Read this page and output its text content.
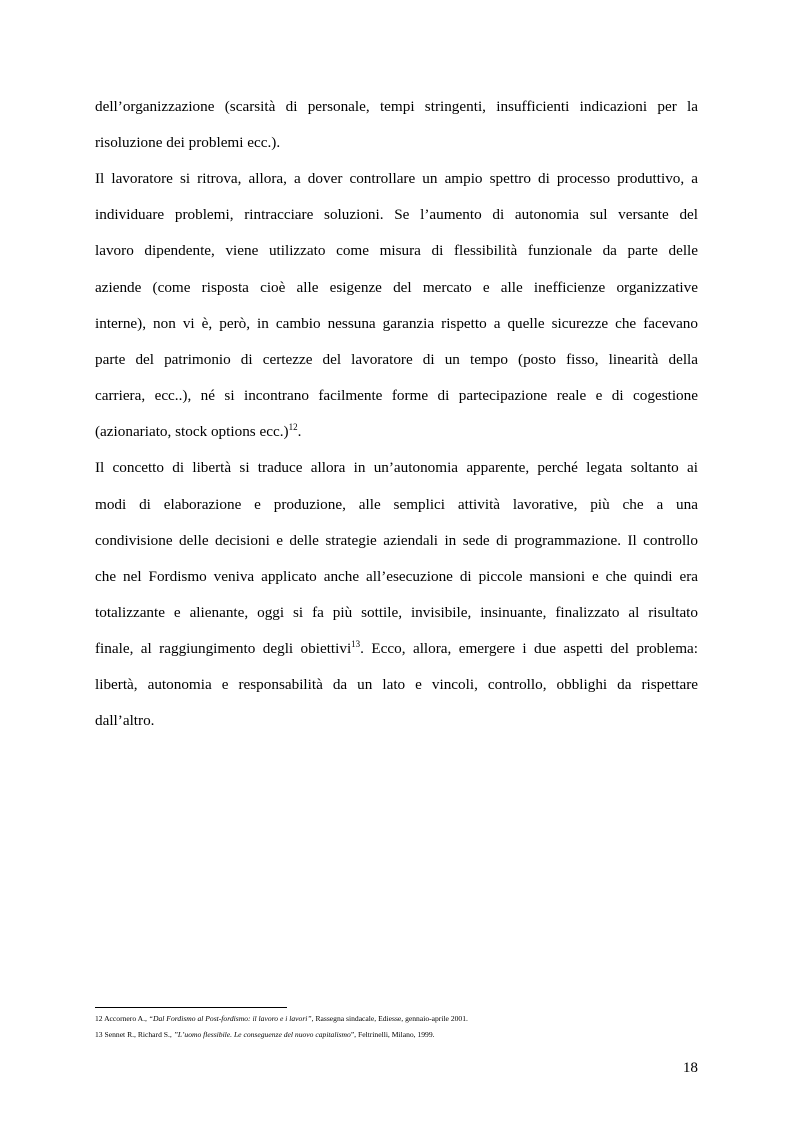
dell’organizzazione (scarsità di personale, tempi stringenti, insufficienti indicazioni per la
risoluzione dei problemi ecc.).
Il lavoratore si ritrova, allora, a dover controllare un ampio spettro di processo produttivo, a
individuare problemi, rintracciare soluzioni. Se l’aumento di autonomia sul versante del
lavoro dipendente, viene utilizzato come misura di flessibilità funzionale da parte delle
aziende (come risposta cioè alle esigenze del mercato e alle inefficienze organizzative
interne), non vi è, però, in cambio nessuna garanzia rispetto a quelle sicurezze che facevano
parte del patrimonio di certezze del lavoratore di un tempo (posto fisso, linearità della
carriera, ecc..), né si incontrano facilmente forme di partecipazione reale e di cogestione
(azionariato, stock options ecc.)$^{12}$.
Il concetto di libertà si traduce allora in un’autonomia apparente, perché legata soltanto ai
modi di elaborazione e produzione, alle semplici attività lavorative, più che a una
condivisione delle decisioni e delle strategie aziendali in sede di programmazione. Il controllo
che nel Fordismo veniva applicato anche all’esecuzione di piccole mansioni e che quindi era
totalizzante e alienante, oggi si fa più sottile, invisibile, insinuante, finalizzato al risultato
finale, al raggiungimento degli obiettivi$^{13}$. Ecco, allora, emergere i due aspetti del problema:
libertà, autonomia e responsabilità da un lato e vincoli, controllo, obblighi da rispettare
dall’altro.
12 Accornero A., “Dal Fordismo al Post-fordismo: il lavoro e i lavori”, Rassegna sindacale, Ediesse, gennaio-aprile 2001.
13 Sennet R., Richard S., ”L’uomo flessibile. Le conseguenze del nuovo capitalismo”, Feltrinelli, Milano, 1999.
18
